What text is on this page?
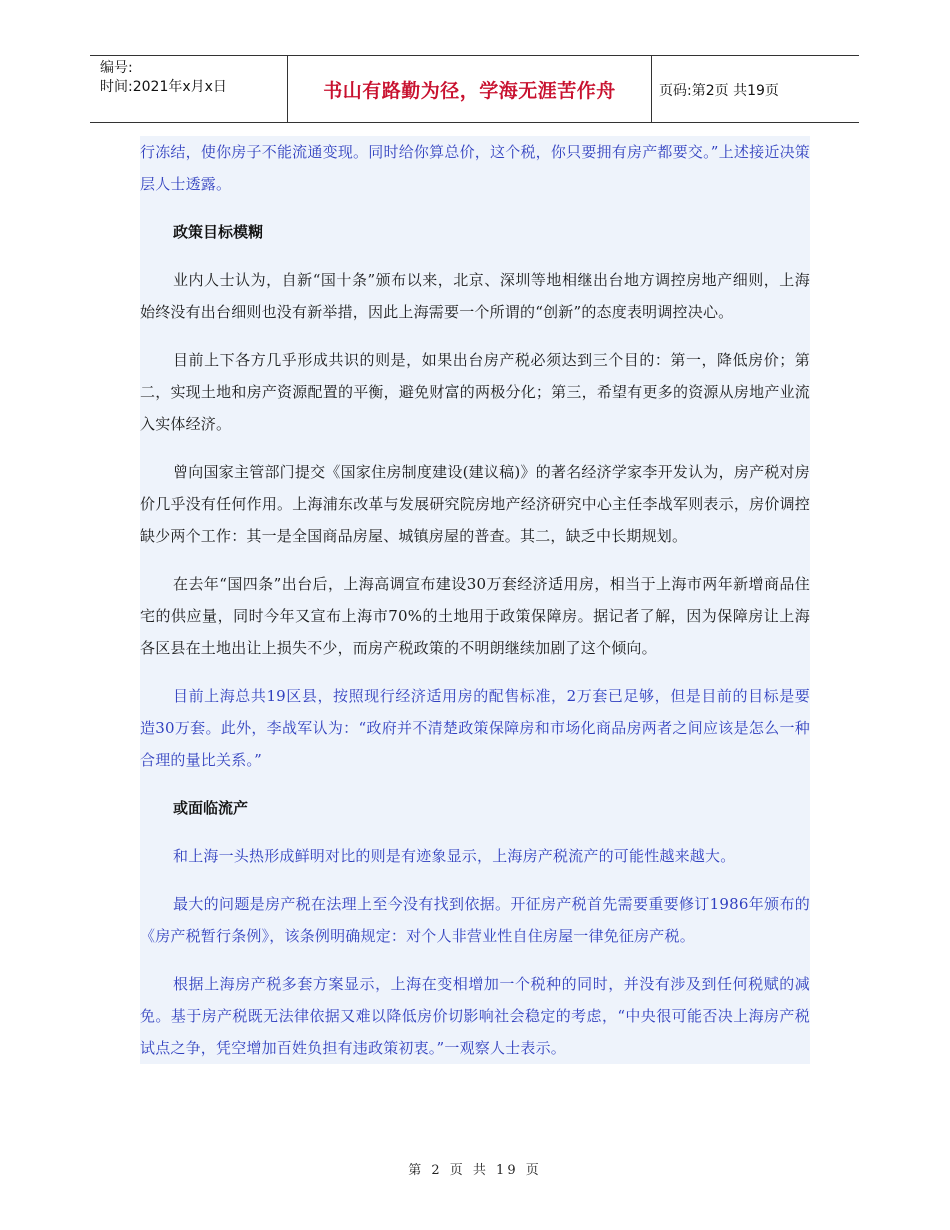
编号:
时间:2021年x月x日	书山有路勤为径，学海无涯苦作舟	页码:第2页 共19页

行冻结，使你房子不能流通变现。同时给你算总价，这个税，你只要拥有房产都要交。”上述接近决策层人士透露。

政策目标模糊

业内人士认为，自新“国十条”颁布以来，北京、深圳等地相继出台地方调控房地产细则，上海始终没有出台细则也没有新举措，因此上海需要一个所谓的“创新”的态度表明调控决心。

目前上下各方几乎形成共识的则是，如果出台房产税必须达到三个目的：第一，降低房价；第二，实现土地和房产资源配置的平衡，避免财富的两极分化；第三，希望有更多的资源从房地产业流入实体经济。

曾向国家主管部门提交《国家住房制度建设(建议稿)》的著名经济学家李开发认为，房产税对房价几乎没有任何作用。上海浦东改革与发展研究院房地产经济研究中心主任李战军则表示，房价调控缺少两个工作：其一是全国商品房屋、城镇房屋的普查。其二，缺乏中长期规划。

在去年“国四条”出台后，上海高调宣布建设30万套经济适用房，相当于上海市两年新增商品住宅的供应量，同时今年又宣布上海市70%的土地用于政策保障房。据记者了解，因为保障房让上海各区县在土地出让上损失不少，而房产税政策的不明朗继续加剧了这个倾向。

目前上海总共19区县，按照现行经济适用房的配售标准，2万套已足够，但是目前的目标是要造30万套。此外，李战军认为：“政府并不清楚政策保障房和市场化商品房两者之间应该是怎么一种合理的量比关系。”

或面临流产

和上海一头热形成鲜明对比的则是有迹象显示，上海房产税流产的可能性越来越大。

最大的问题是房产税在法理上至今没有找到依据。开征房产税首先需要重要修订1986年颁布的《房产税暂行条例》，该条例明确规定：对个人非营业性自住房屋一律免征房产税。

根据上海房产税多套方案显示，上海在变相增加一个税种的同时，并没有涉及到任何税赋的减免。基于房产税既无法律依据又难以降低房价切影响社会稳定的考虑，“中央很可能否决上海房产税试点之争，凭空增加百姓负担有违政策初衷。”一观察人士表示。

第 2 页 共 19 页
